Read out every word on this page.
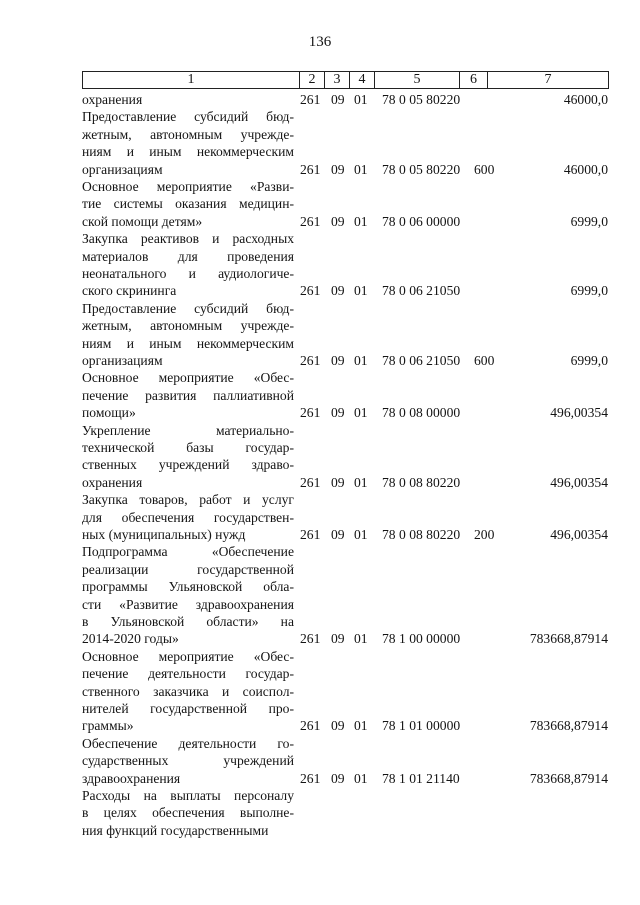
136
1	2	3	4	5	6	7
охранения	261 09 01 78 0 05 80220	46000,0
Предоставление субсидий бюд-
жетным, автономным учрежде-
ниям и иным некоммерческим
организациям	261 09 01 78 0 05 80220 600	46000,0
Основное мероприятие «Разви-
тие системы оказания медицин-
ской помощи детям»	261 09 01 78 0 06 00000	6999,0
Закупка реактивов и расходных
материалов для проведения
неонатального и аудиологиче-
ского скрининга	261 09 01 78 0 06 21050	6999,0
Предоставление субсидий бюд-
жетным, автономным учрежде-
ниям и иным некоммерческим
организациям	261 09 01 78 0 06 21050 600	6999,0
Основное мероприятие «Обес-
печение развития паллиативной
помощи»	261 09 01 78 0 08 00000	496,00354
Укрепление материально-
технической базы государ-
ственных учреждений здраво-
охранения	261 09 01 78 0 08 80220	496,00354
Закупка товаров, работ и услуг
для обеспечения государствен-
ных (муниципальных) нужд	261 09 01 78 0 08 80220 200	496,00354
Подпрограмма «Обеспечение
реализации государственной
программы Ульяновской обла-
сти «Развитие здравоохранения
в Ульяновской области» на
2014-2020 годы»	261 09 01 78 1 00 00000	783668,87914
Основное мероприятие «Обес-
печение деятельности государ-
ственного заказчика и соиспол-
нителей государственной про-
граммы»	261 09 01 78 1 01 00000	783668,87914
Обеспечение деятельности го-
сударственных учреждений
здравоохранения	261 09 01 78 1 01 21140	783668,87914
Расходы на выплаты персоналу
в целях обеспечения выполне-
ния функций государственными
